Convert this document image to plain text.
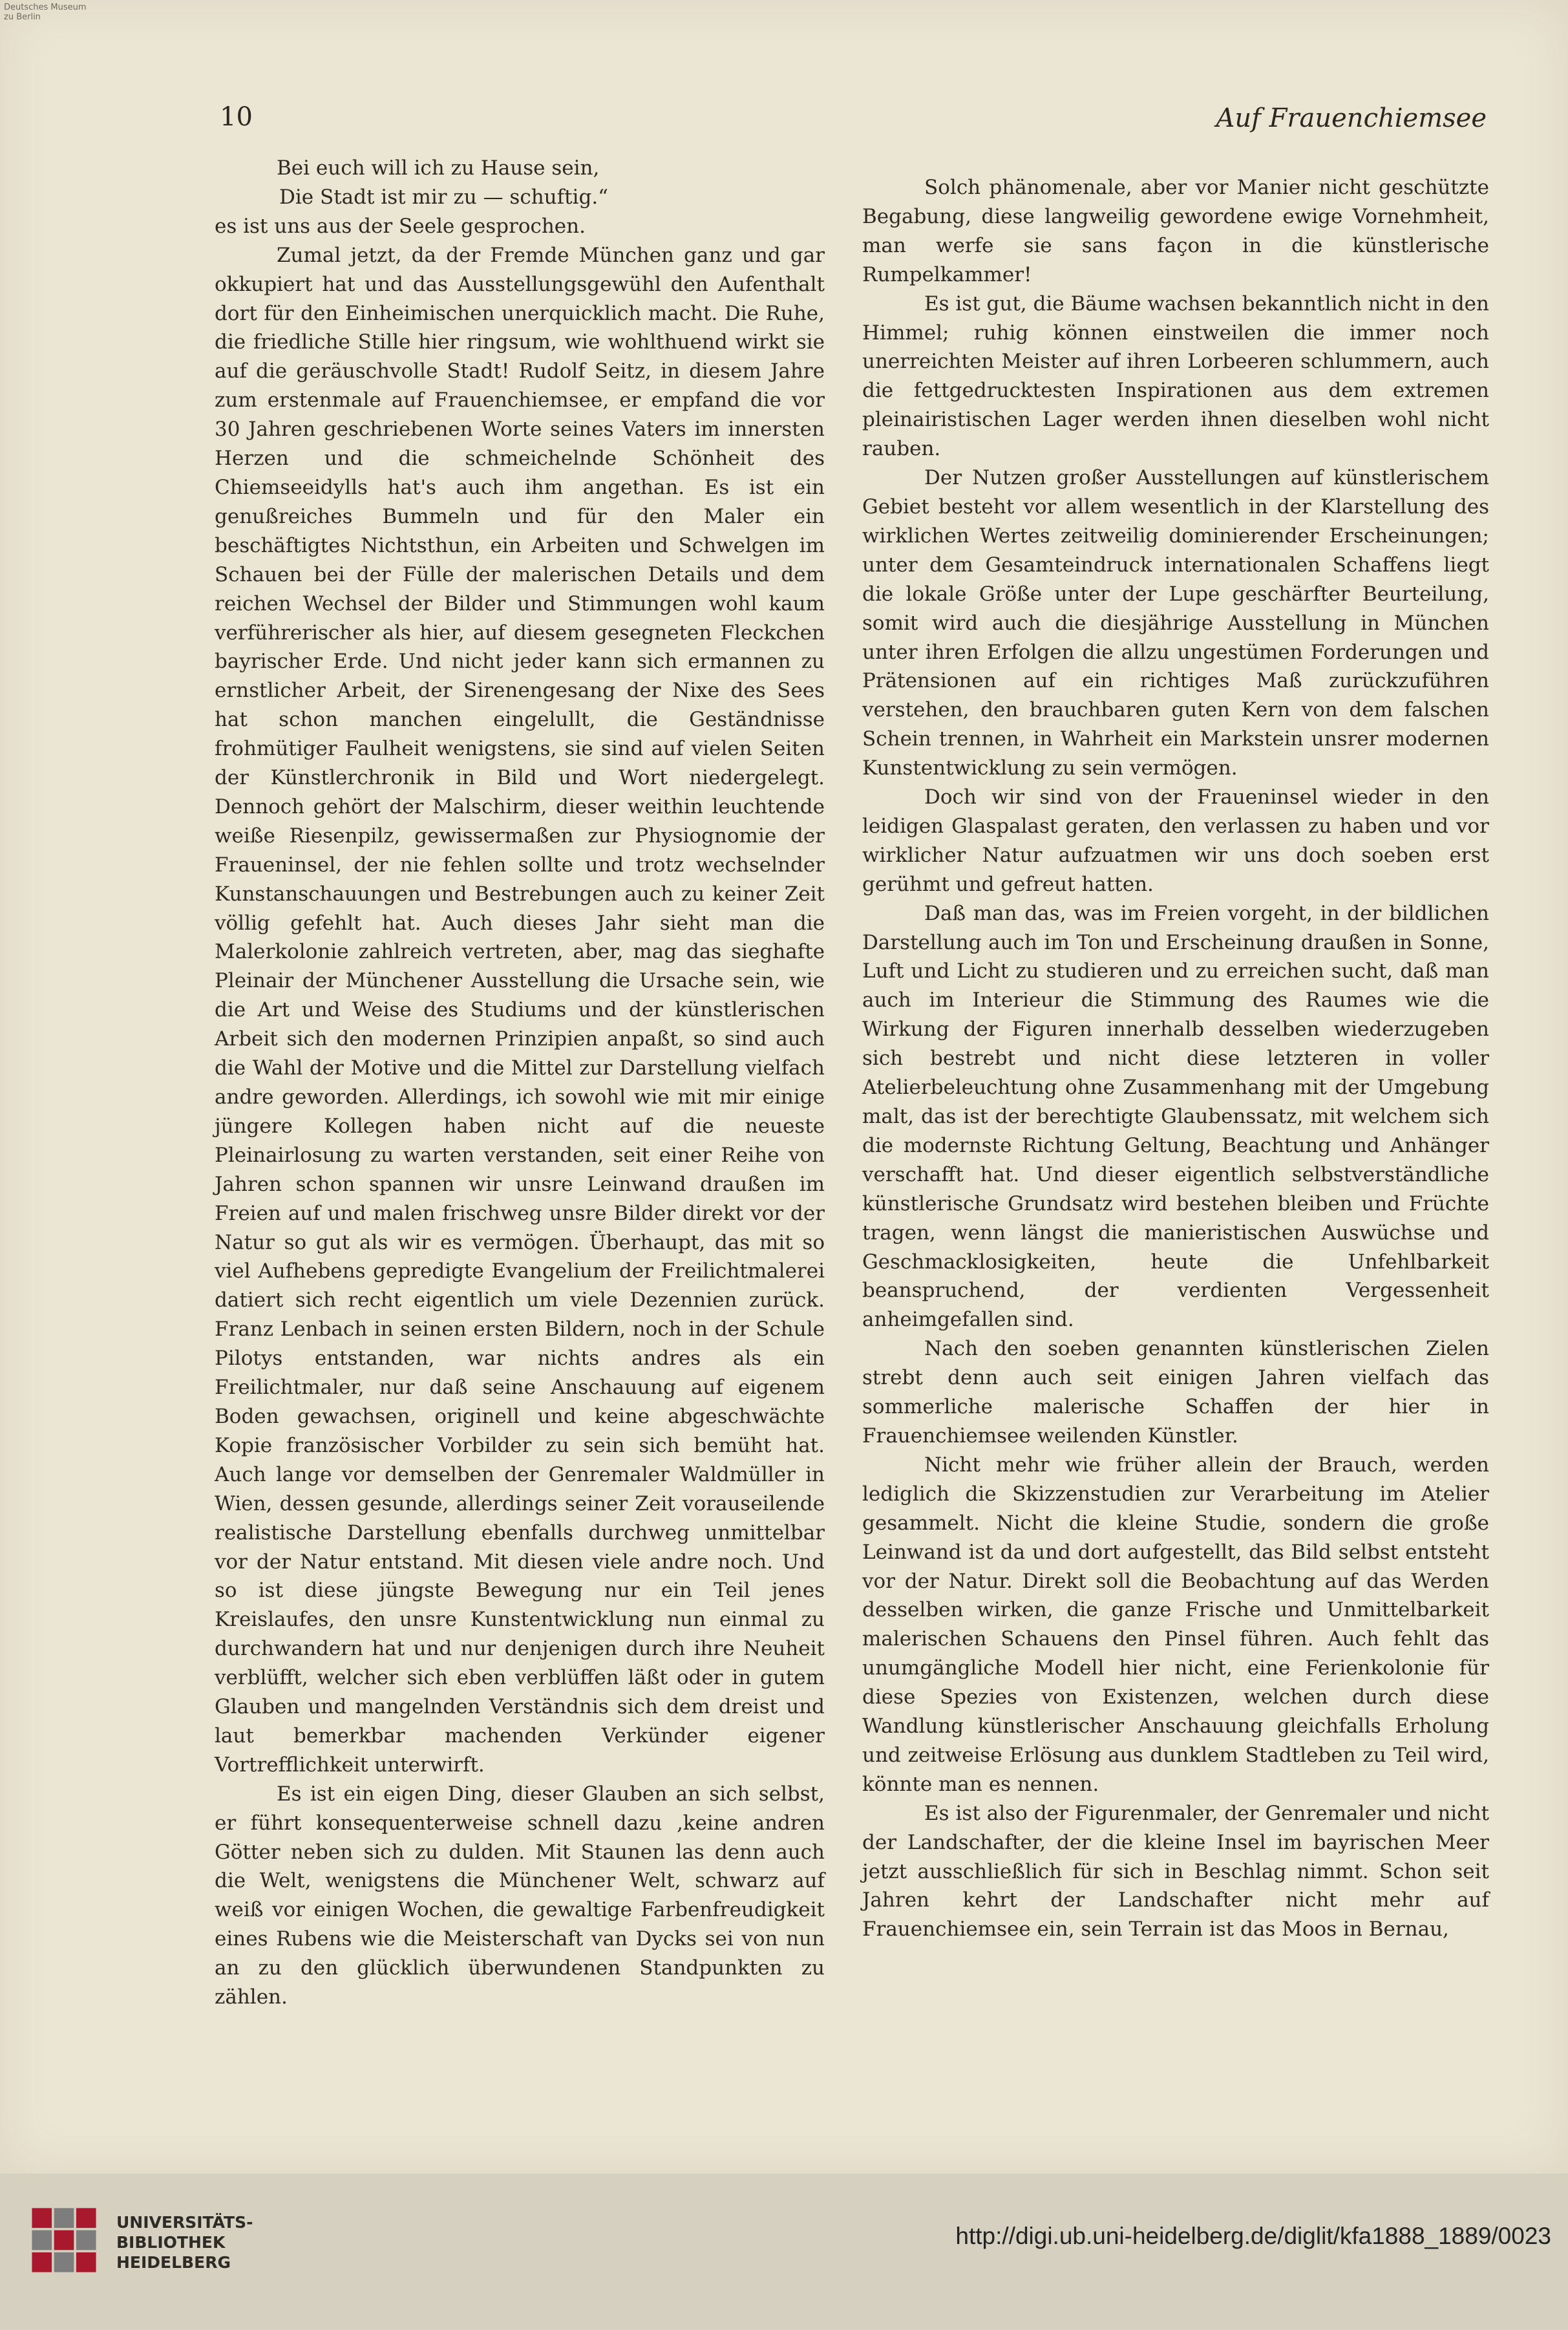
Deutsches Museum
zu Berlin
10	Auf Frauenchiemsee

Bei euch will ich zu Hause sein,
Die Stadt ist mir zu — schuftig.“

es ist uns aus der Seele gesprochen.

Zumal jetzt, da der Fremde München ganz und gar okkupiert hat und das Ausstellungsgewühl den Aufenthalt dort für den Einheimischen unerquicklich macht. Die Ruhe, die friedliche Stille hier ringsum, wie wohlthuend wirkt sie auf die geräuschvolle Stadt! Rudolf Seitz, in diesem Jahre zum erstenmale auf Frauenchiemsee, er empfand die vor 30 Jahren geschriebenen Worte seines Vaters im innersten Herzen und die schmeichelnde Schönheit des Chiemseeidylls hat's auch ihm angethan. Es ist ein genußreiches Bummeln und für den Maler ein beschäftigtes Nichtsthun, ein Arbeiten und Schwelgen im Schauen bei der Fülle der malerischen Details und dem reichen Wechsel der Bilder und Stimmungen wohl kaum verführerischer als hier, auf diesem gesegneten Fleckchen bayrischer Erde. Und nicht jeder kann sich ermannen zu ernstlicher Arbeit, der Sirenengesang der Nixe des Sees hat schon manchen eingelullt, die Geständnisse frohmütiger Faulheit wenigstens, sie sind auf vielen Seiten der Künstlerchronik in Bild und Wort niedergelegt. Dennoch gehört der Malschirm, dieser weithin leuchtende weiße Riesenpilz, gewissermaßen zur Physiognomie der Fraueninsel, der nie fehlen sollte und trotz wechselnder Kunstanschauungen und Bestrebungen auch zu keiner Zeit völlig gefehlt hat. Auch dieses Jahr sieht man die Malerkolonie zahlreich vertreten, aber, mag das sieghafte Pleinair der Münchener Ausstellung die Ursache sein, wie die Art und Weise des Studiums und der künstlerischen Arbeit sich den modernen Prinzipien anpaßt, so sind auch die Wahl der Motive und die Mittel zur Darstellung vielfach andre geworden. Allerdings, ich sowohl wie mit mir einige jüngere Kollegen haben nicht auf die neueste Pleinairlosung zu warten verstanden, seit einer Reihe von Jahren schon spannen wir unsre Leinwand draußen im Freien auf und malen frischweg unsre Bilder direkt vor der Natur so gut als wir es vermögen. Überhaupt, das mit so viel Aufhebens gepredigte Evangelium der Freilichtmalerei datiert sich recht eigentlich um viele Dezennien zurück. Franz Lenbach in seinen ersten Bildern, noch in der Schule Pilotys entstanden, war nichts andres als ein Freilichtmaler, nur daß seine Anschauung auf eigenem Boden gewachsen, originell und keine abgeschwächte Kopie französischer Vorbilder zu sein sich bemüht hat. Auch lange vor demselben der Genremaler Waldmüller in Wien, dessen gesunde, allerdings seiner Zeit vorauseilende realistische Darstellung ebenfalls durchweg unmittelbar vor der Natur entstand. Mit diesen viele andre noch. Und so ist diese jüngste Bewegung nur ein Teil jenes Kreislaufes, den unsre Kunstentwicklung nun einmal zu durchwandern hat und nur denjenigen durch ihre Neuheit verblüfft, welcher sich eben verblüffen läßt oder in gutem Glauben und mangelnden Verständnis sich dem dreist und laut bemerkbar machenden Verkünder eigener Vortrefflichkeit unterwirft.

Es ist ein eigen Ding, dieser Glauben an sich selbst, er führt konsequenterweise schnell dazu ‚keine andren Götter neben sich zu dulden. Mit Staunen las denn auch die Welt, wenigstens die Münchener Welt, schwarz auf weiß vor einigen Wochen, die gewaltige Farbenfreudigkeit eines Rubens wie die Meisterschaft van Dycks sei von nun an zu den glücklich überwundenen Standpunkten zu zählen.

Solch phänomenale, aber vor Manier nicht geschützte Begabung, diese langweilig gewordene ewige Vornehmheit, man werfe sie sans façon in die künstlerische Rumpelkammer!

Es ist gut, die Bäume wachsen bekanntlich nicht in den Himmel; ruhig können einstweilen die immer noch unerreichten Meister auf ihren Lorbeeren schlummern, auch die fettgedrucktesten Inspirationen aus dem extremen pleinairistischen Lager werden ihnen dieselben wohl nicht rauben.

Der Nutzen großer Ausstellungen auf künstlerischem Gebiet besteht vor allem wesentlich in der Klarstellung des wirklichen Wertes zeitweilig dominierender Erscheinungen; unter dem Gesamteindruck internationalen Schaffens liegt die lokale Größe unter der Lupe geschärfter Beurteilung, somit wird auch die diesjährige Ausstellung in München unter ihren Erfolgen die allzu ungestümen Forderungen und Prätensionen auf ein richtiges Maß zurückzuführen verstehen, den brauchbaren guten Kern von dem falschen Schein trennen, in Wahrheit ein Markstein unsrer modernen Kunstentwicklung zu sein vermögen.

Doch wir sind von der Fraueninsel wieder in den leidigen Glaspalast geraten, den verlassen zu haben und vor wirklicher Natur aufzuatmen wir uns doch soeben erst gerühmt und gefreut hatten.

Daß man das, was im Freien vorgeht, in der bildlichen Darstellung auch im Ton und Erscheinung draußen in Sonne, Luft und Licht zu studieren und zu erreichen sucht, daß man auch im Interieur die Stimmung des Raumes wie die Wirkung der Figuren innerhalb desselben wiederzugeben sich bestrebt und nicht diese letzteren in voller Atelierbeleuchtung ohne Zusammenhang mit der Umgebung malt, das ist der berechtigte Glaubenssatz, mit welchem sich die modernste Richtung Geltung, Beachtung und Anhänger verschafft hat. Und dieser eigentlich selbstverständliche künstlerische Grundsatz wird bestehen bleiben und Früchte tragen, wenn längst die manieristischen Auswüchse und Geschmacklosigkeiten, heute die Unfehlbarkeit beanspruchend, der verdienten Vergessenheit anheimgefallen sind.

Nach den soeben genannten künstlerischen Zielen strebt denn auch seit einigen Jahren vielfach das sommerliche malerische Schaffen der hier in Frauenchiemsee weilenden Künstler.

Nicht mehr wie früher allein der Brauch, werden lediglich die Skizzenstudien zur Verarbeitung im Atelier gesammelt. Nicht die kleine Studie, sondern die große Leinwand ist da und dort aufgestellt, das Bild selbst entsteht vor der Natur. Direkt soll die Beobachtung auf das Werden desselben wirken, die ganze Frische und Unmittelbarkeit malerischen Schauens den Pinsel führen. Auch fehlt das unumgängliche Modell hier nicht, eine Ferienkolonie für diese Spezies von Existenzen, welchen durch diese Wandlung künstlerischer Anschauung gleichfalls Erholung und zeitweise Erlösung aus dunklem Stadtleben zu Teil wird, könnte man es nennen.

Es ist also der Figurenmaler, der Genremaler und nicht der Landschafter, der die kleine Insel im bayrischen Meer jetzt ausschließlich für sich in Beschlag nimmt. Schon seit Jahren kehrt der Landschafter nicht mehr auf Frauenchiemsee ein, sein Terrain ist das Moos in Bernau,

UNIVERSITÄTS-
BIBLIOTHEK
HEIDELBERG
http://digi.ub.uni-heidelberg.de/diglit/kfa1888_1889/0023
